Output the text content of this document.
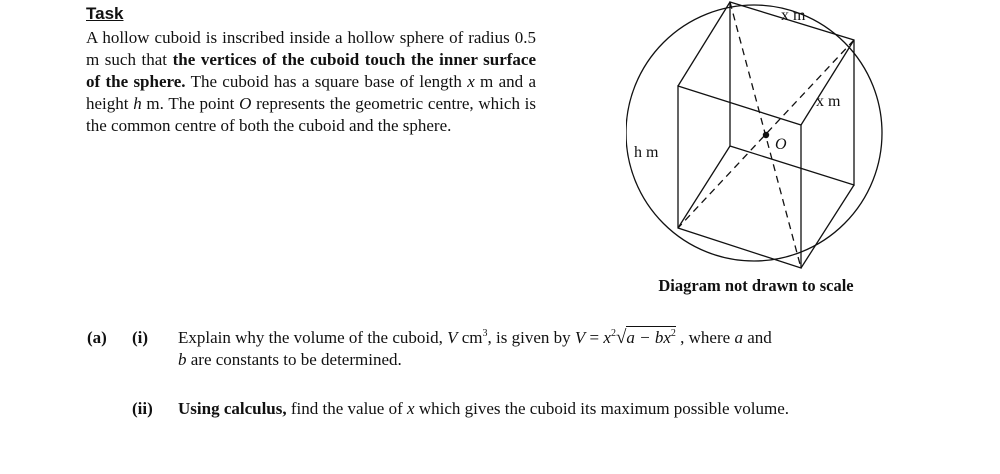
Task

A hollow cuboid is inscribed inside a hollow sphere of radius 0.5 m such that the vertices of the cuboid touch the inner surface of the sphere. The cuboid has a square base of length x m and a height h m. The point O represents the geometric centre, which is the common centre of both the cuboid and the sphere.

x m
x m
h m	O
Diagram not drawn to scale
(a) (i) Explain why the volume of the cuboid, V $cm^3$, is given by $V = x^2√a - bx^2$ , where a and
b are constants to be determined.
(ii) Using calculus, find the value of x which gives the cuboid its maximum possible volume.
